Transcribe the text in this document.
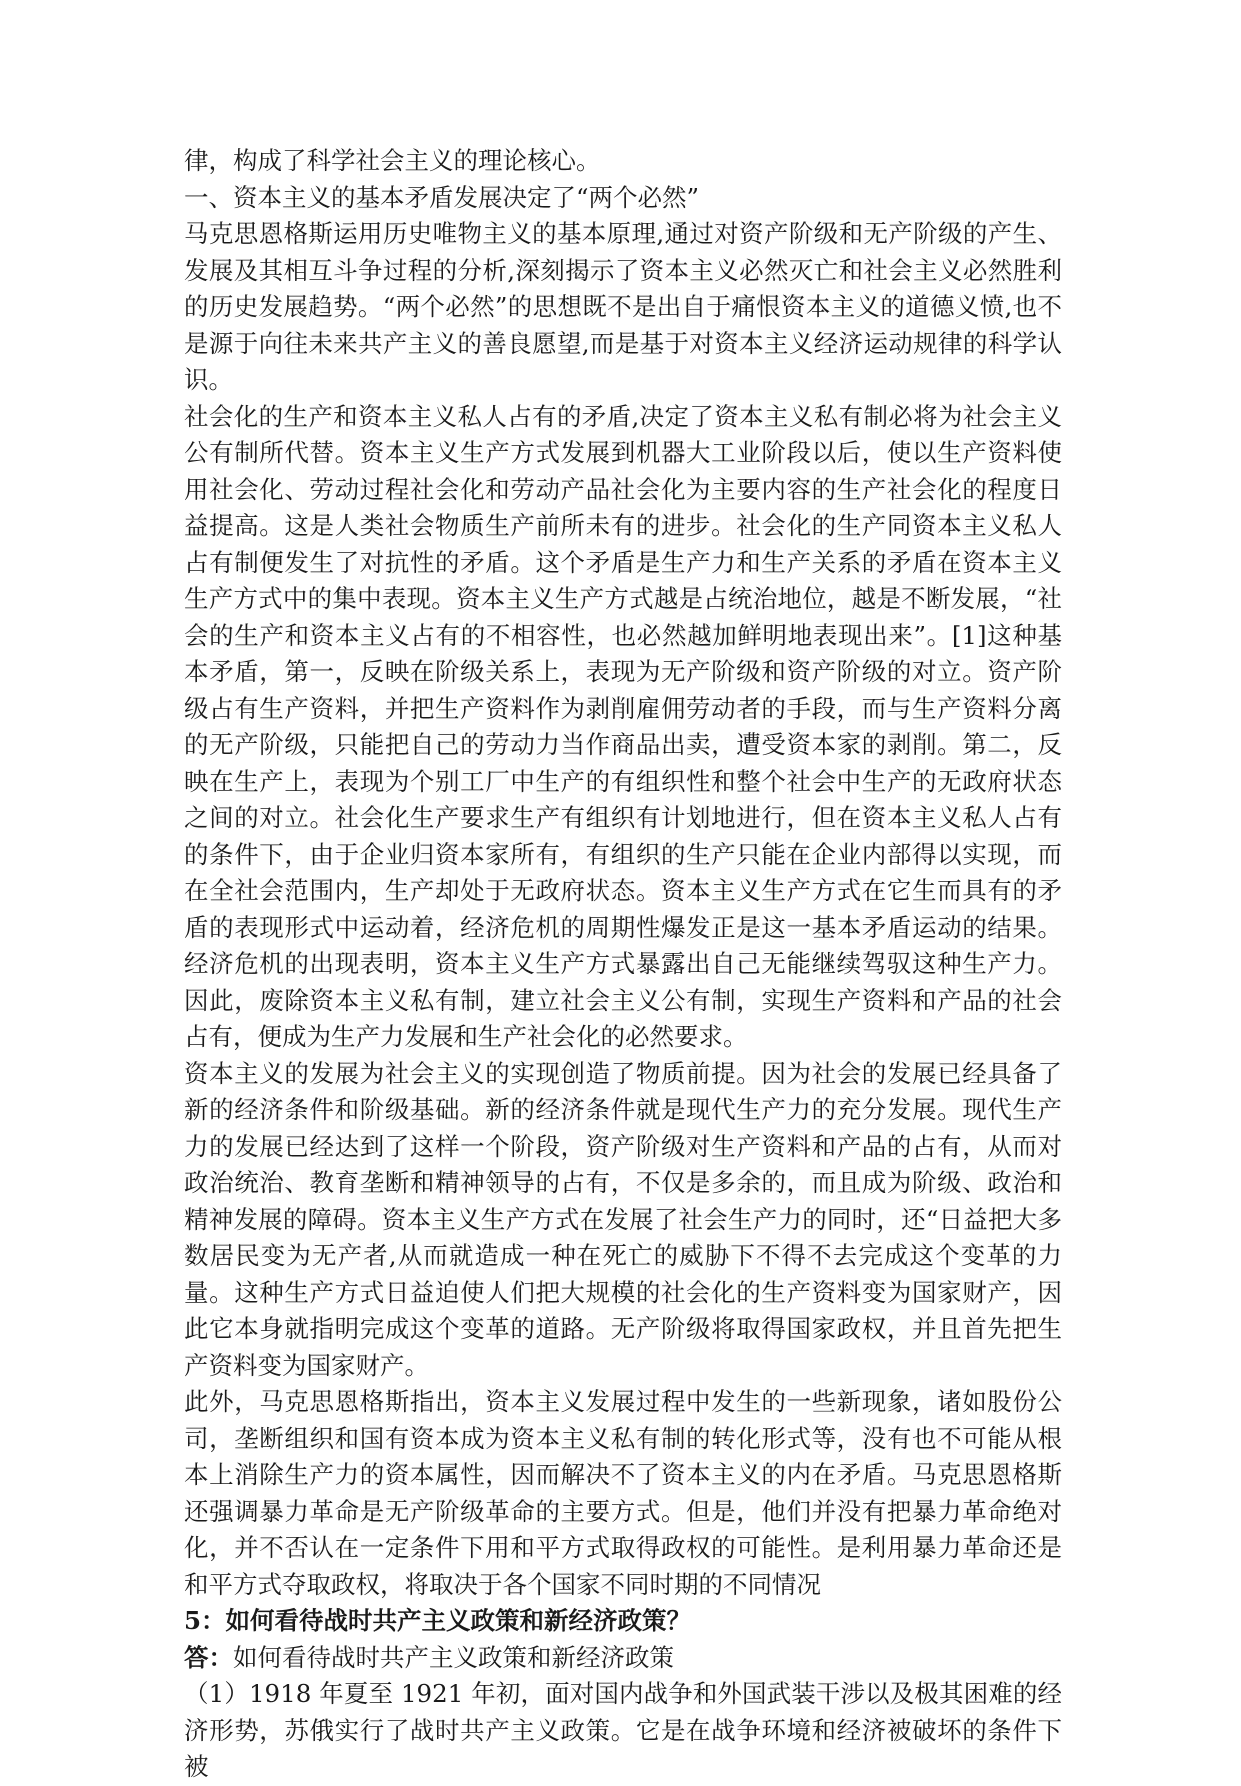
律，构成了科学社会主义的理论核心。

一、资本主义的基本矛盾发展决定了“两个必然”

马克思恩格斯运用历史唯物主义的基本原理,通过对资产阶级和无产阶级的产生、发展及其相互斗争过程的分析,深刻揭示了资本主义必然灭亡和社会主义必然胜利的历史发展趋势。“两个必然”的思想既不是出自于痛恨资本主义的道德义愤,也不是源于向往未来共产主义的善良愿望,而是基于对资本主义经济运动规律的科学认识。

社会化的生产和资本主义私人占有的矛盾,决定了资本主义私有制必将为社会主义公有制所代替。资本主义生产方式发展到机器大工业阶段以后，使以生产资料使用社会化、劳动过程社会化和劳动产品社会化为主要内容的生产社会化的程度日益提高。这是人类社会物质生产前所未有的进步。社会化的生产同资本主义私人占有制便发生了对抗性的矛盾。这个矛盾是生产力和生产关系的矛盾在资本主义生产方式中的集中表现。资本主义生产方式越是占统治地位，越是不断发展，“社会的生产和资本主义占有的不相容性，也必然越加鲜明地表现出来”。[1]这种基本矛盾，第一，反映在阶级关系上，表现为无产阶级和资产阶级的对立。资产阶级占有生产资料，并把生产资料作为剥削雇佣劳动者的手段，而与生产资料分离的无产阶级，只能把自己的劳动力当作商品出卖，遭受资本家的剥削。第二，反映在生产上，表现为个别工厂中生产的有组织性和整个社会中生产的无政府状态之间的对立。社会化生产要求生产有组织有计划地进行，但在资本主义私人占有的条件下，由于企业归资本家所有，有组织的生产只能在企业内部得以实现，而在全社会范围内，生产却处于无政府状态。资本主义生产方式在它生而具有的矛盾的表现形式中运动着，经济危机的周期性爆发正是这一基本矛盾运动的结果。经济危机的出现表明，资本主义生产方式暴露出自己无能继续驾驭这种生产力。因此，废除资本主义私有制，建立社会主义公有制，实现生产资料和产品的社会占有，便成为生产力发展和生产社会化的必然要求。

资本主义的发展为社会主义的实现创造了物质前提。因为社会的发展已经具备了新的经济条件和阶级基础。新的经济条件就是现代生产力的充分发展。现代生产力的发展已经达到了这样一个阶段，资产阶级对生产资料和产品的占有，从而对政治统治、教育垄断和精神领导的占有，不仅是多余的，而且成为阶级、政治和精神发展的障碍。资本主义生产方式在发展了社会生产力的同时，还“日益把大多数居民变为无产者,从而就造成一种在死亡的威胁下不得不去完成这个变革的力量。这种生产方式日益迫使人们把大规模的社会化的生产资料变为国家财产，因此它本身就指明完成这个变革的道路。无产阶级将取得国家政权，并且首先把生产资料变为国家财产。

此外，马克思恩格斯指出，资本主义发展过程中发生的一些新现象，诸如股份公司，垄断组织和国有资本成为资本主义私有制的转化形式等，没有也不可能从根本上消除生产力的资本属性，因而解决不了资本主义的内在矛盾。马克思恩格斯还强调暴力革命是无产阶级革命的主要方式。但是，他们并没有把暴力革命绝对化，并不否认在一定条件下用和平方式取得政权的可能性。是利用暴力革命还是和平方式夺取政权，将取决于各个国家不同时期的不同情况

5：如何看待战时共产主义政策和新经济政策？

答：如何看待战时共产主义政策和新经济政策

（1）1918 年夏至 1921 年初，面对国内战争和外国武装干涉以及极其困难的经济形势，苏俄实行了战时共产主义政策。它是在战争环境和经济被破坏的条件下被
